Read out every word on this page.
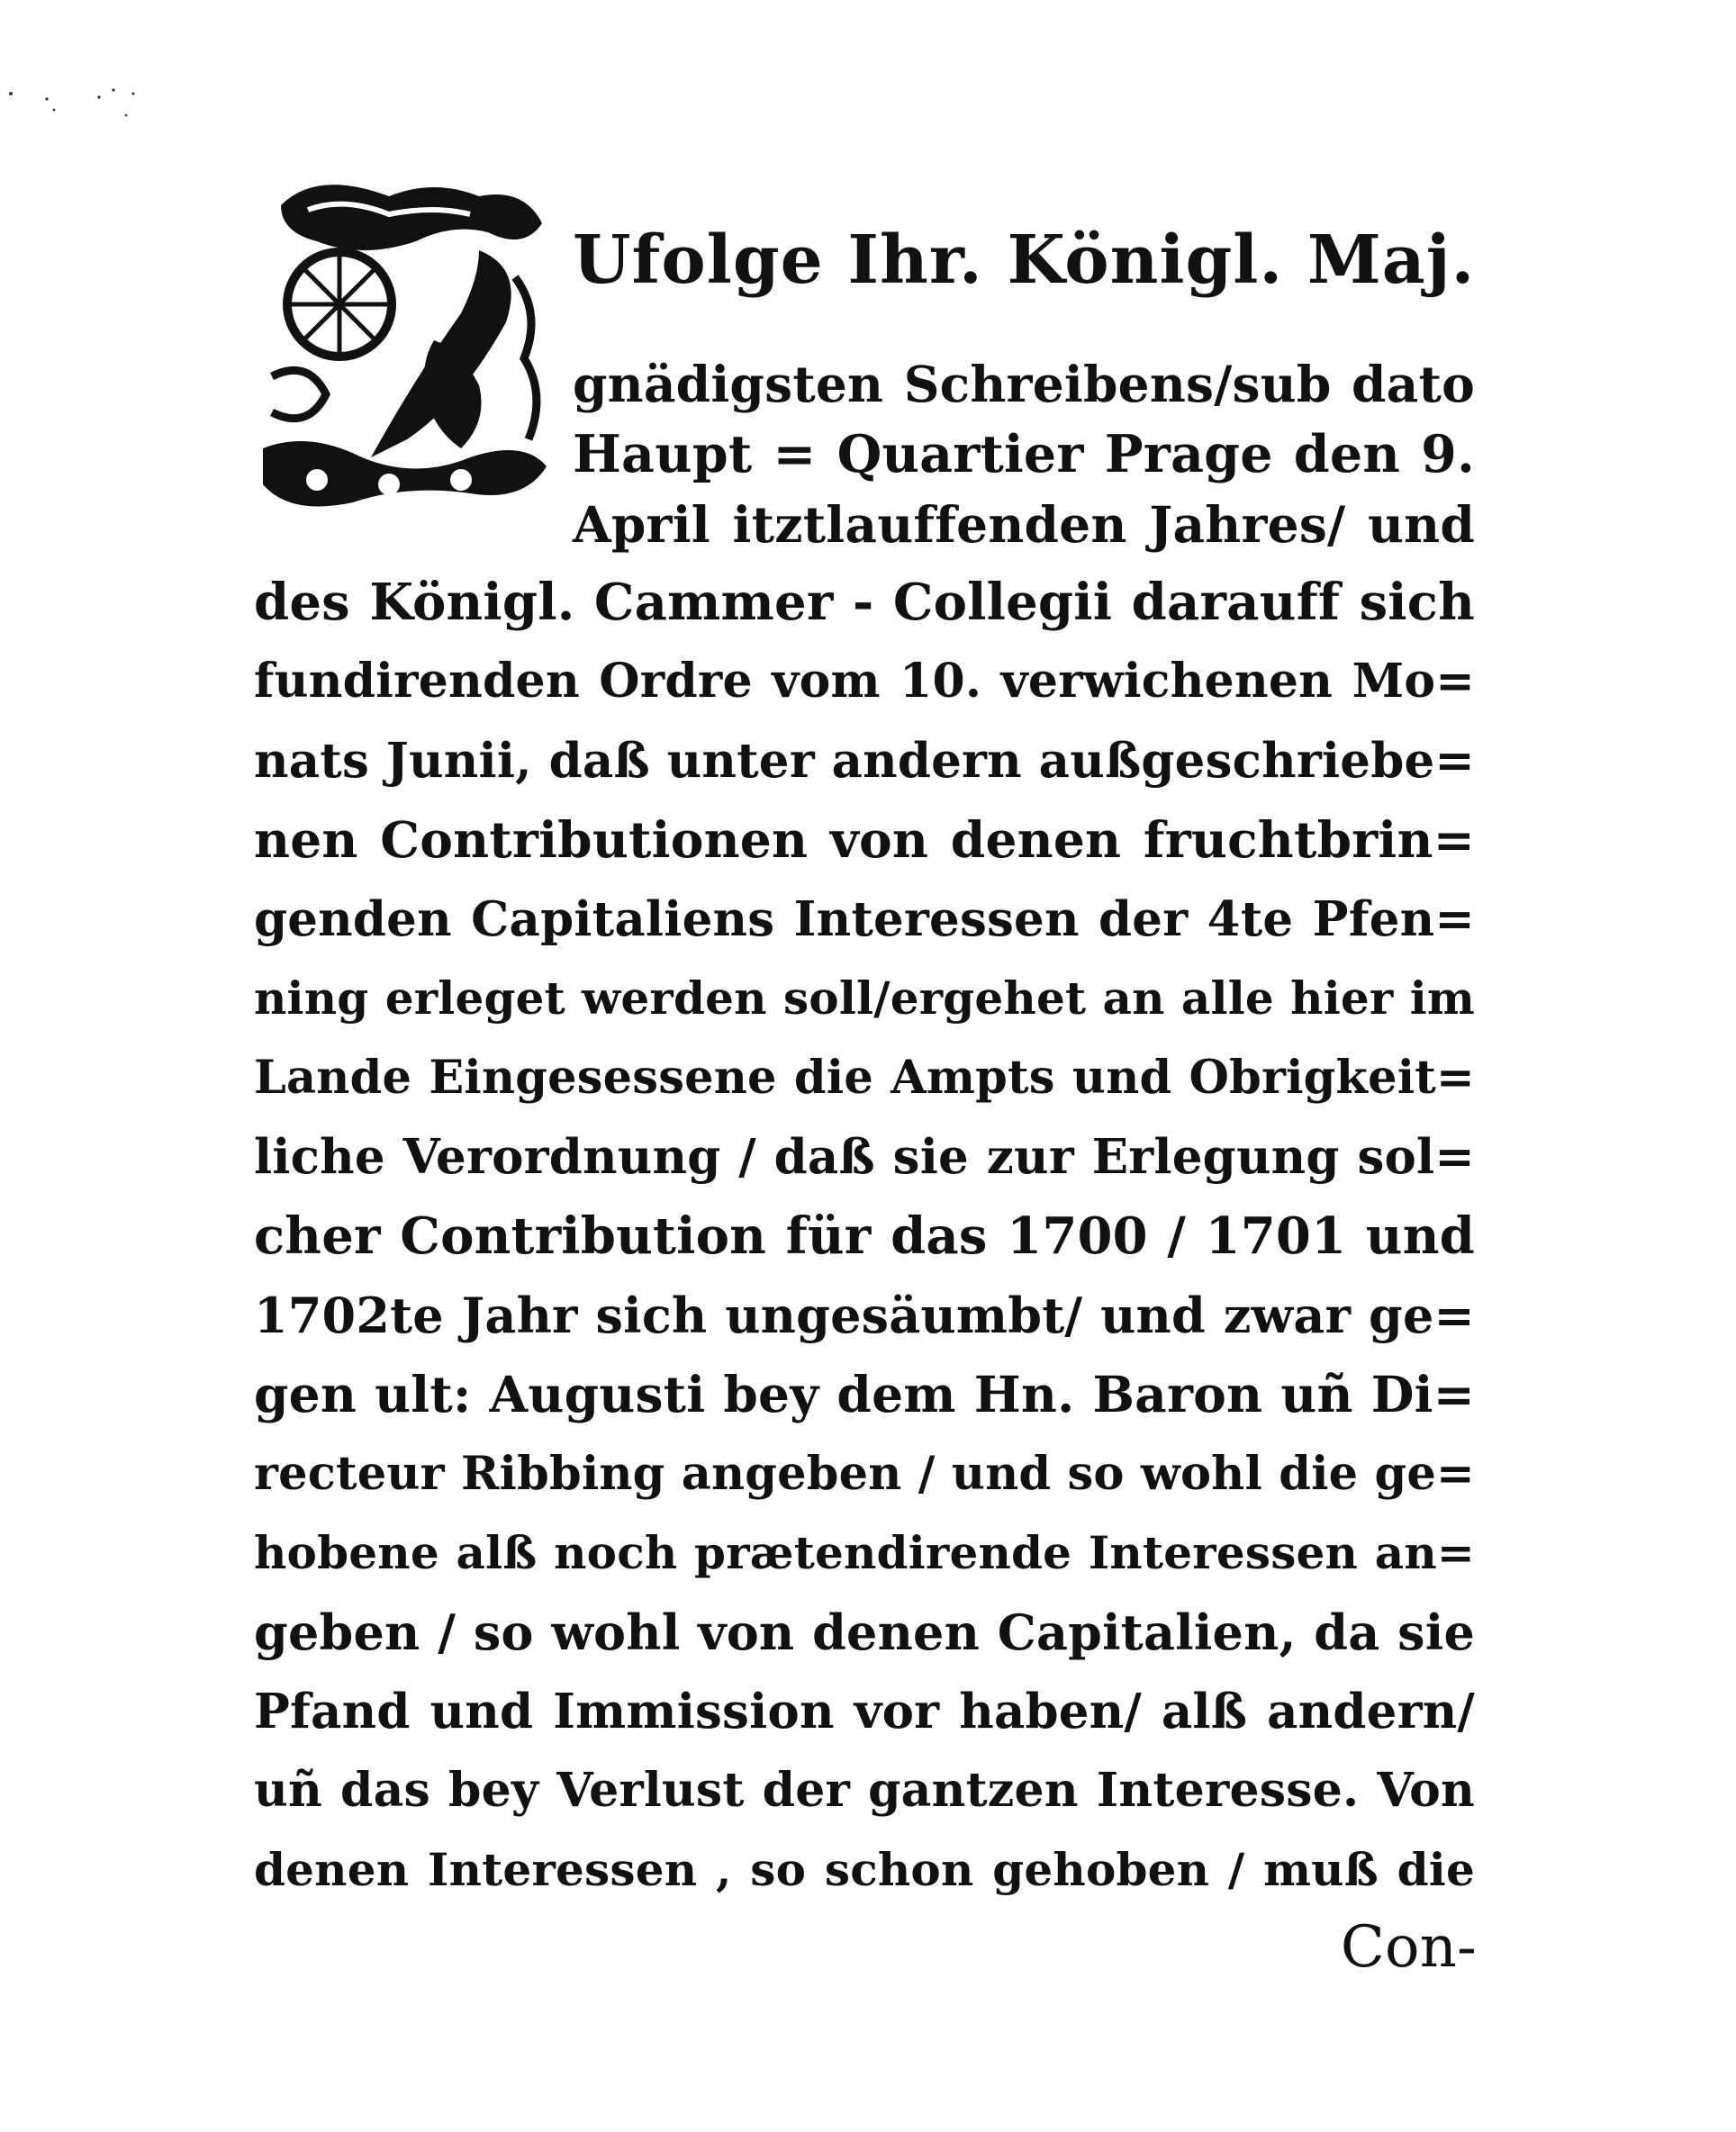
Ufolge Ihr. Königl. Maj.
gnädigsten Schreibens/sub dato
Haupt = Quartier Prage den 9.
April itztlauffenden Jahres/ und
des Königl. Cammer - Collegii darauff sich
fundirenden Ordre vom 10. verwichenen Mo=
nats Junii, daß unter andern außgeschriebe=
nen Contributionen von denen fruchtbrin=
genden Capitaliens Interessen der 4te Pfen=
ning erleget werden soll/ergehet an alle hier im
Lande Eingesessene die Ampts und Obrigkeit=
liche Verordnung / daß sie zur Erlegung sol=
cher Contribution für das 1700 / 1701 und
1702te Jahr sich ungesäumbt/ und zwar ge=
gen ult: Augusti bey dem Hn. Baron uñ Di=
recteur Ribbing angeben / und so wohl die ge=
hobene alß noch prætendirende Interessen an=
geben / so wohl von denen Capitalien, da sie
Pfand und Immission vor haben/ alß andern/
uñ das bey Verlust der gantzen Interesse. Von
denen Interessen , so schon gehoben / muß die
Con-
